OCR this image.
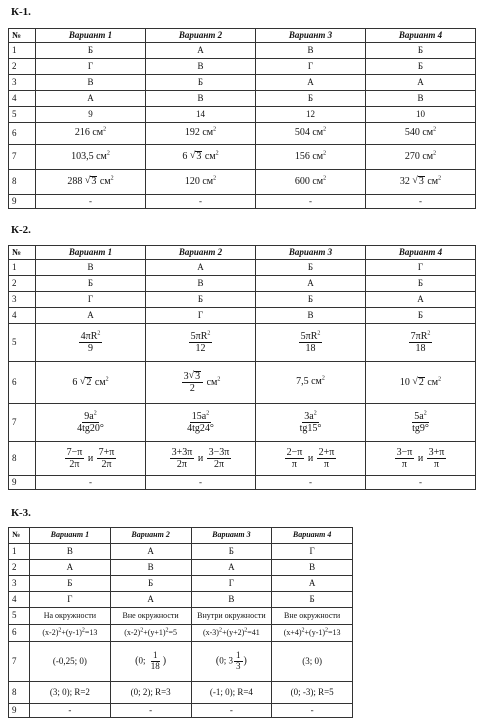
К-1.
№	Вариант 1	Вариант 2	Вариант 3	Вариант 4
1	Б	А	В	Б
2	Г	В	Г	Б
3	В	Б	А	А
4	А	В	Б	В
5	9	14	12	10
6	216 $см^2$	192 $см^2$	504 $см^2$	540 $см^2$
7	103,5 $см^2$	6 √ 3 $см^2$	156 $см^2$	270 $см^2$
8	288 √ 3 $см^2$	120 $см^2$	600 $см^2$	32 √ 3 $см^2$
9	-	-	-	-
К-2.
№	Вариант 1	Вариант 2	Вариант 3	Вариант 4
1	В	А	Б	Г
2	Б	В	А	Б
3	Г	Б	Б	А
4	А	Г	В	Б
5	$\frac{4\pi R^2}{9}$	$\frac{5\pi R^2}{12}$	$\frac{5\pi R^2}{18}$	$\frac{7\pi R^2}{18}$

6	6 √ 2 $см^2$	$\frac{3 √ 3}{2} см^2$	7,5 $см^2$	10 √ 2 $см^2$
7	$\frac{9a^2}{4tg20^\circ}$	$\frac{15a^2}{4tg24^\circ}$	$\frac{3a^2}{tg15^\circ}$	$\frac{5a^2}{tg9^\circ}$

8	$\frac{7-\pi}{2\pi}$ и $\frac{7+\pi}{2\pi}$	$\frac{3+3\pi}{2\pi}$ и $\frac{3-3\pi}{2\pi}$	$\frac{2-\pi}{\pi}$ и $\frac{2+\pi}{\pi}$	$\frac{3-\pi}{\pi}$ и $\frac{3+\pi}{\pi}$

9	-	-	-	-
К-3.
№	Вариант 1	Вариант 2	Вариант 3	Вариант 4
1	В	А	Б	Г
2	А	В	А	В
3	Б	Б	Г	А
4	Г	А	В	Б
5	На окружности	Вне окружности	Внутри окружности	Вне окружности
6	$(x-2)^2+(y-1)^2=13$	$(x-2)^2+(y+1)^2=5$	$(x-3)^2+(y+2)^2=41$	$(x+4)^2+(y-1)^2=13$
7	(-0,25; 0)	(0; $\frac{1}{18}$ )	(0; $3 \frac{1}{3}$ )	(3; 0)
8	(3; 0); R=2	(0; 2); R=3	(-1; 0); R=4	(0; -3); R=5
9	-	-	-	-
